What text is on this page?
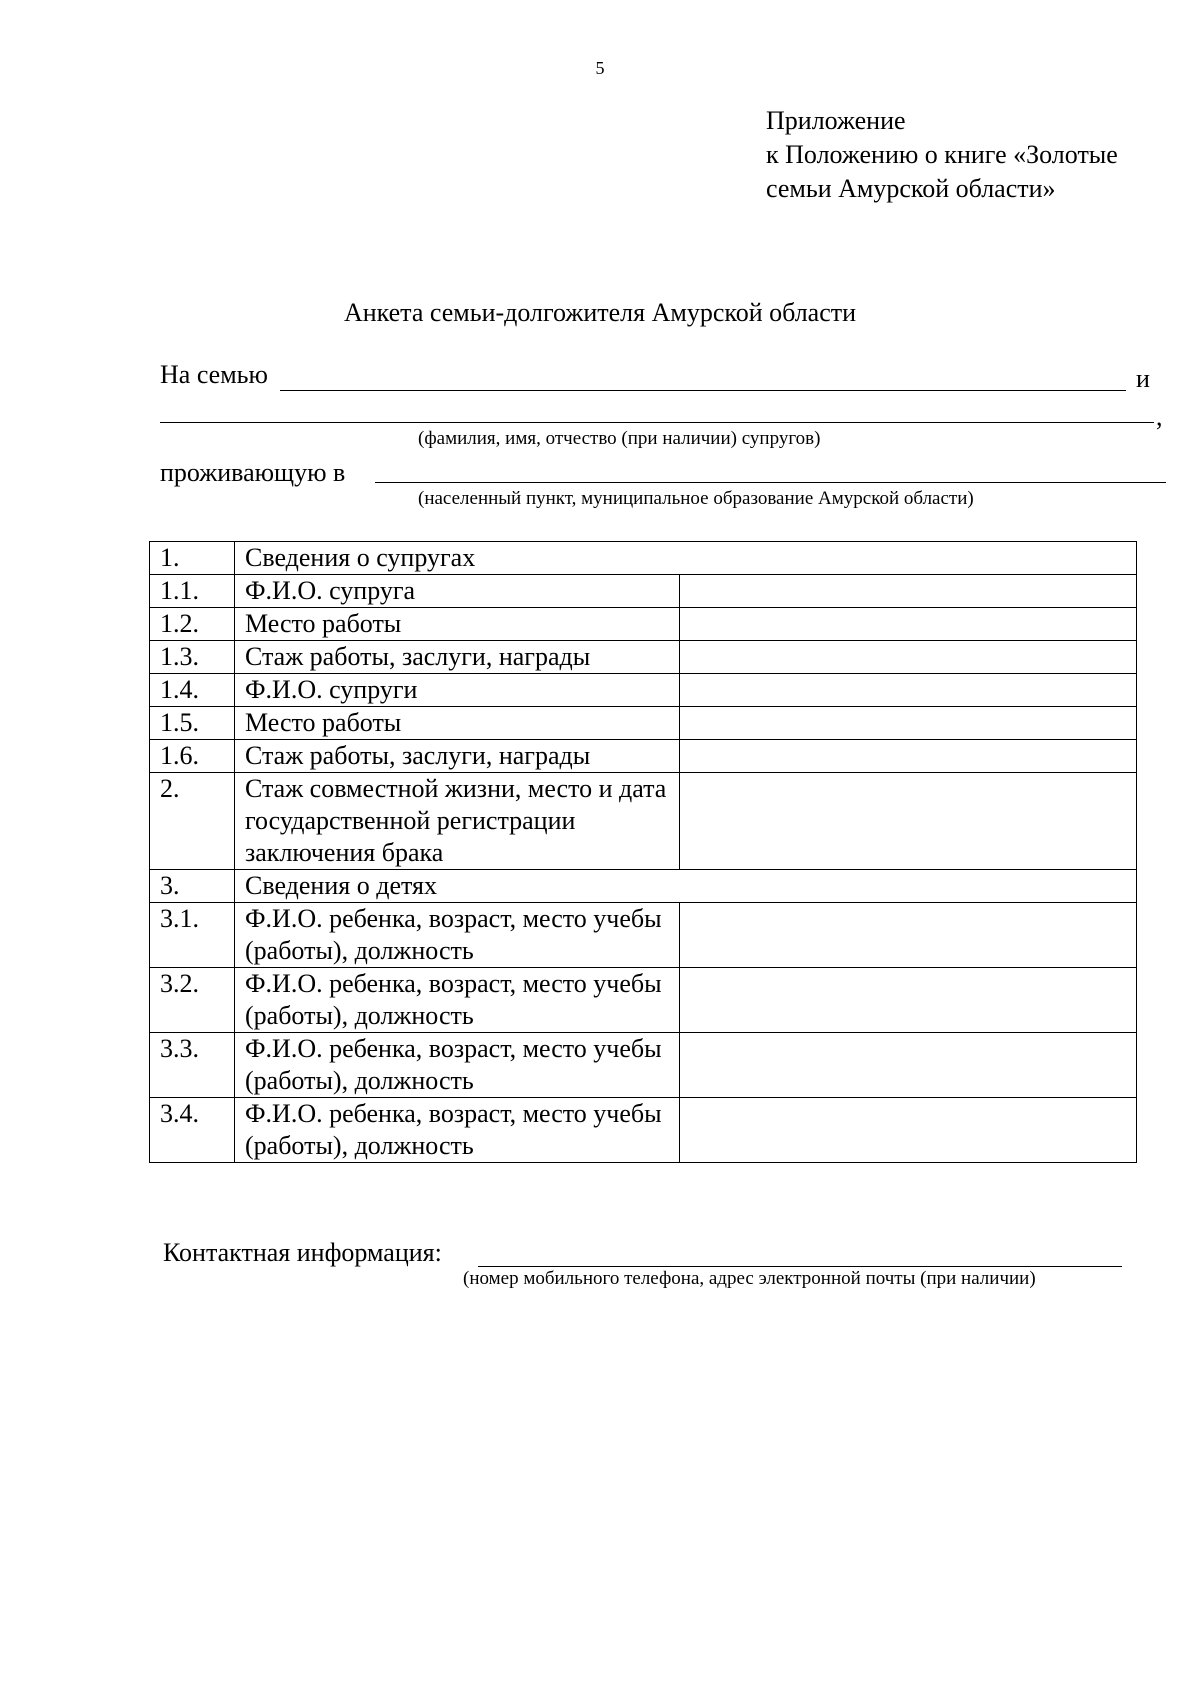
5
Приложение
к Положению о книге «Золотые
семьи Амурской области»
Анкета семьи-долгожителя Амурской области
На семью	и
,
(фамилия, имя, отчество (при наличии) супругов)
проживающую в
(населенный пункт, муниципальное образование Амурской области)
1.	Сведения о супругах	
1.1.	Ф.И.О. супруга	
1.2.	Место работы	
1.3.	Стаж работы, заслуги, награды	
1.4.	Ф.И.О. супруги	
1.5.	Место работы	
1.6.	Стаж работы, заслуги, награды	
2.	Стаж совместной жизни, место и дата государственной регистрации заключения брака	
3.	Сведения о детях	
3.1.	Ф.И.О. ребенка, возраст, место учебы (работы), должность	
3.2.	Ф.И.О. ребенка, возраст, место учебы (работы), должность	
3.3.	Ф.И.О. ребенка, возраст, место учебы (работы), должность	
3.4.	Ф.И.О. ребенка, возраст, место учебы (работы), должность	
Контактная информация:
(номер мобильного телефона, адрес электронной почты (при наличии)
